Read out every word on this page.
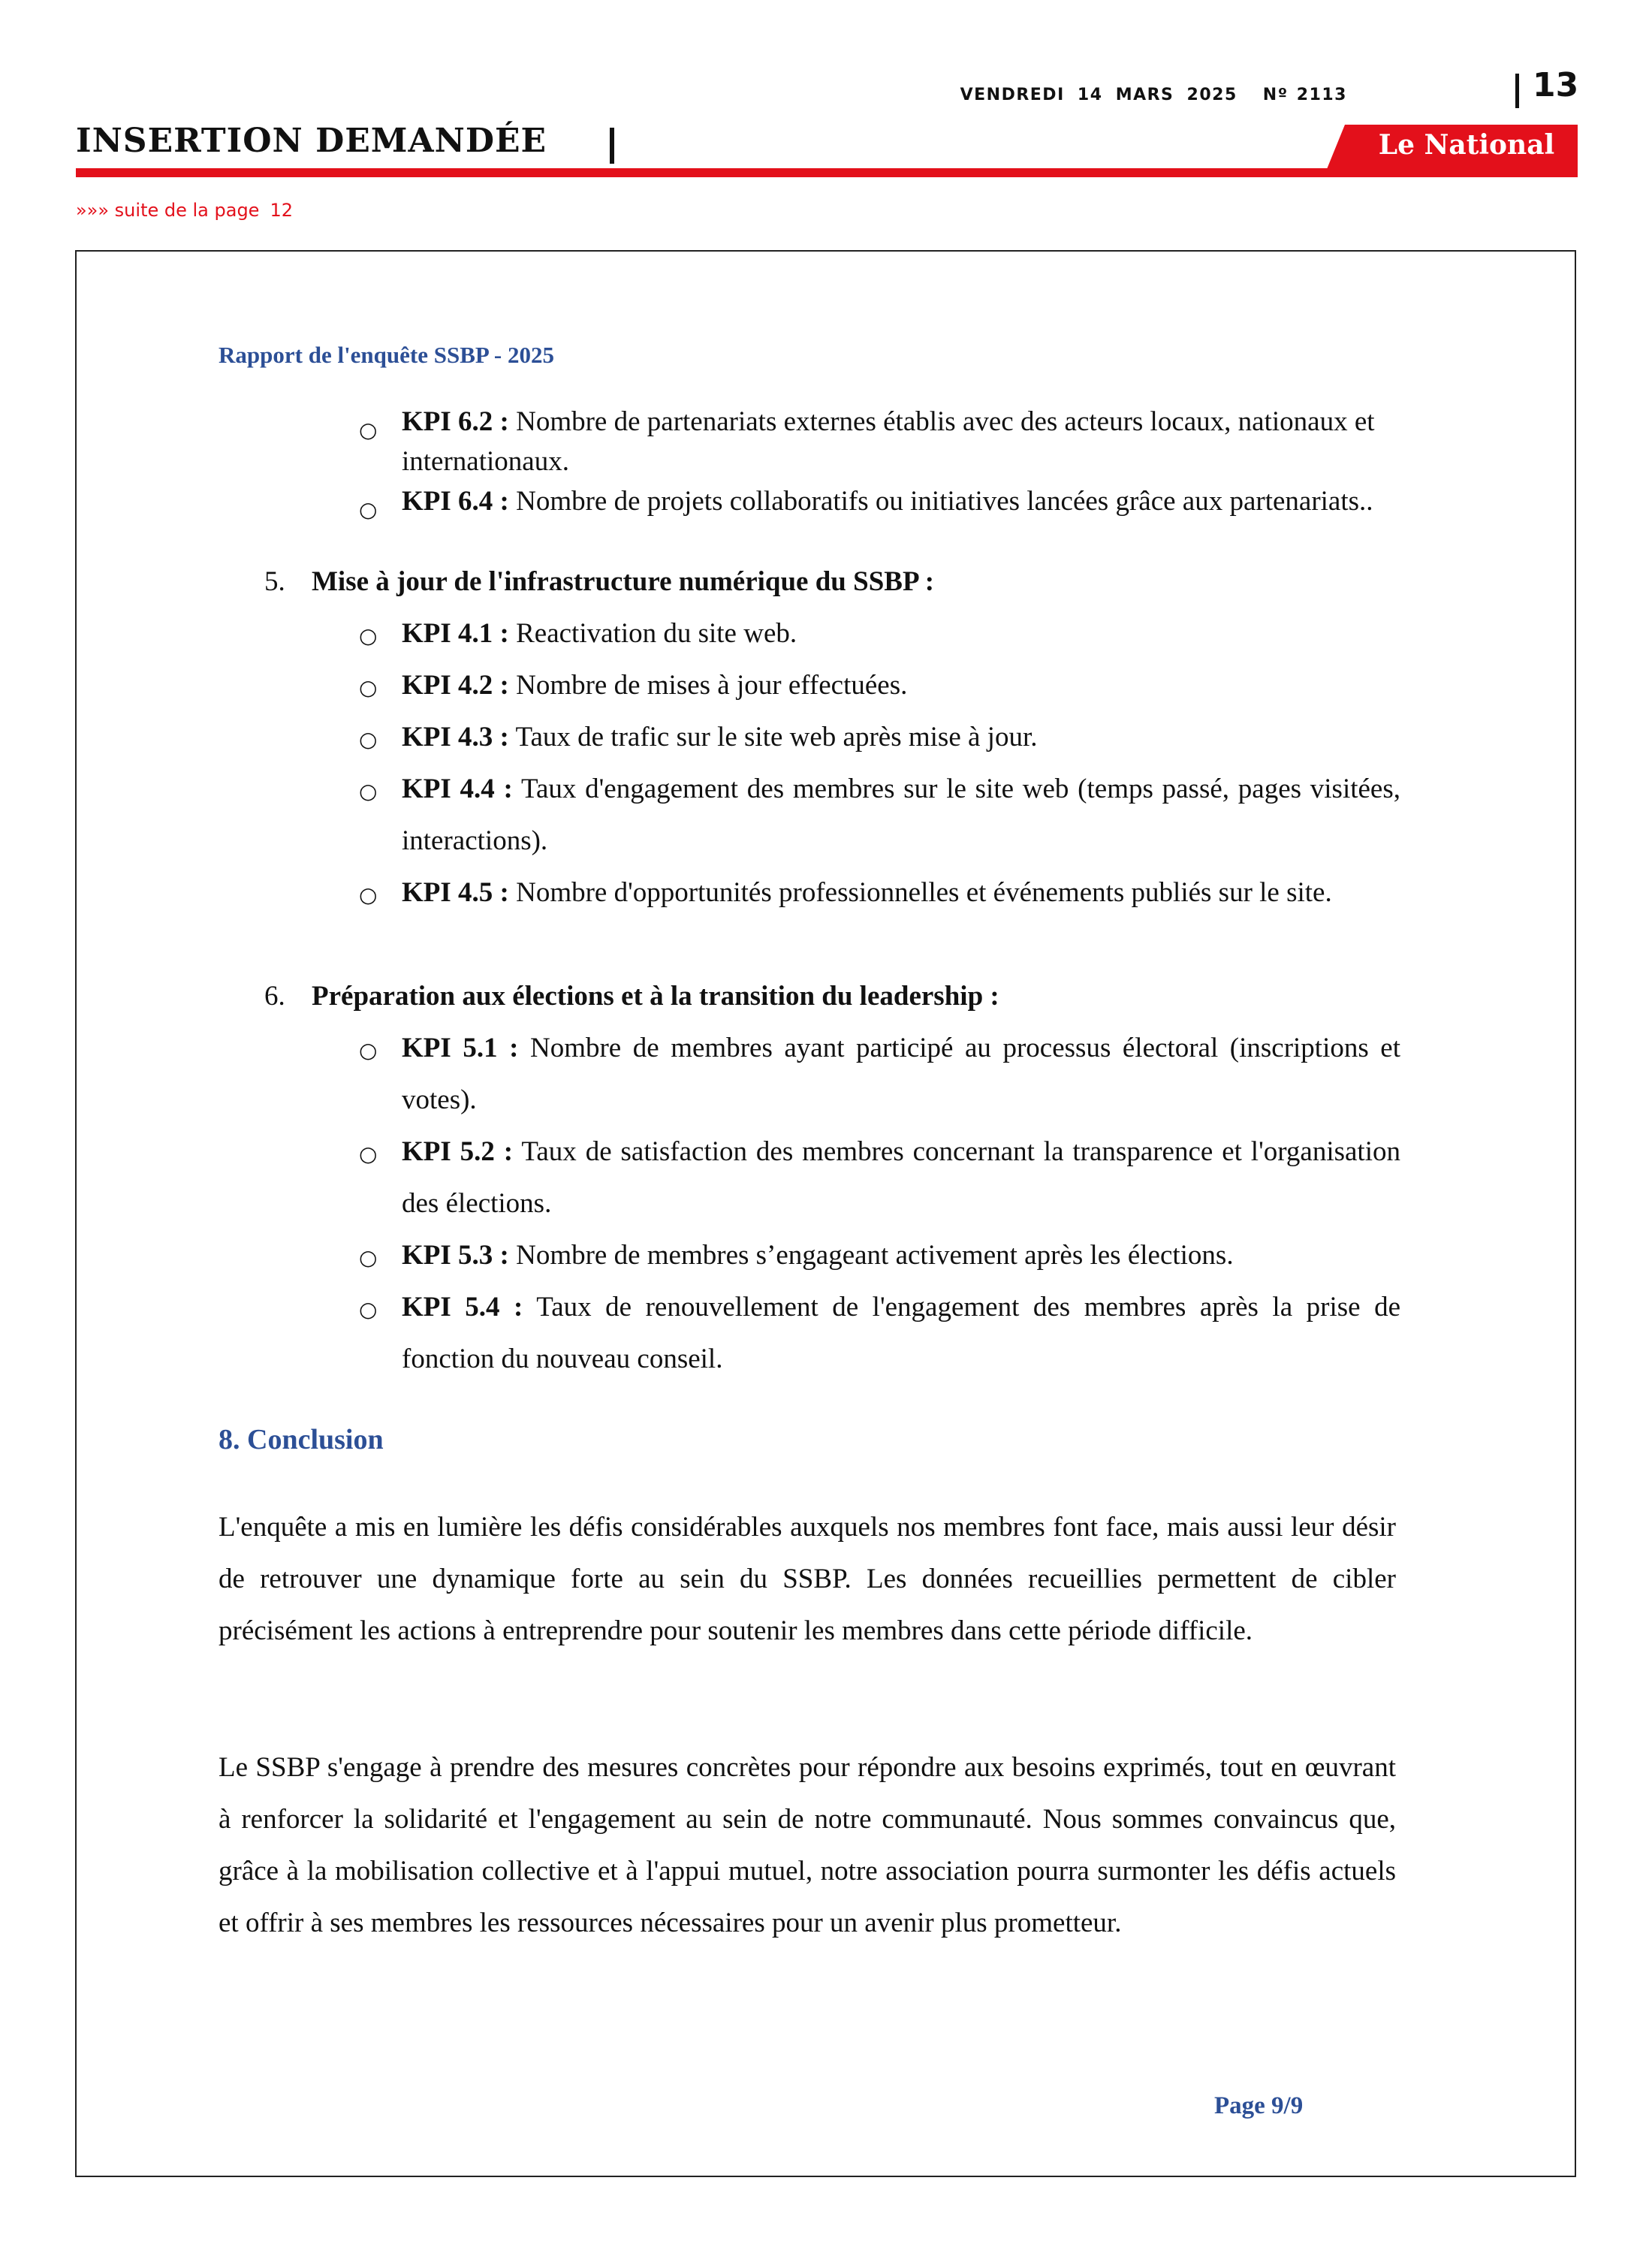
VENDREDI 14 MARS 2025 Nº 2113	13
INSERTION DEMANDÉE	Le National
»»» suite de la page 12
Rapport de l'enquête SSBP - 2025
○ KPI 6.2 : Nombre de partenariats externes établis avec des acteurs locaux, nationaux et internationaux.
○ KPI 6.4 : Nombre de projets collaboratifs ou initiatives lancées grâce aux partenariats..
5. Mise à jour de l'infrastructure numérique du SSBP :
○ KPI 4.1 : Reactivation du site web.
○ KPI 4.2 : Nombre de mises à jour effectuées.
○ KPI 4.3 : Taux de trafic sur le site web après mise à jour.
○ KPI 4.4 : Taux d'engagement des membres sur le site web (temps passé, pages visitées, interactions).
○ KPI 4.5 : Nombre d'opportunités professionnelles et événements publiés sur le site.
6. Préparation aux élections et à la transition du leadership :
○ KPI 5.1 : Nombre de membres ayant participé au processus électoral (inscriptions et votes).
○ KPI 5.2 : Taux de satisfaction des membres concernant la transparence et l'organisation des élections.
○ KPI 5.3 : Nombre de membres s’engageant activement après les élections.
○ KPI 5.4 : Taux de renouvellement de l'engagement des membres après la prise de fonction du nouveau conseil.
8. Conclusion
L'enquête a mis en lumière les défis considérables auxquels nos membres font face, mais aussi leur désir de retrouver une dynamique forte au sein du SSBP. Les données recueillies permettent de cibler précisément les actions à entreprendre pour soutenir les membres dans cette période difficile.
Le SSBP s'engage à prendre des mesures concrètes pour répondre aux besoins exprimés, tout en œuvrant à renforcer la solidarité et l'engagement au sein de notre communauté. Nous sommes convaincus que, grâce à la mobilisation collective et à l'appui mutuel, notre association pourra surmonter les défis actuels et offrir à ses membres les ressources nécessaires pour un avenir plus prometteur.
Page 9/9
